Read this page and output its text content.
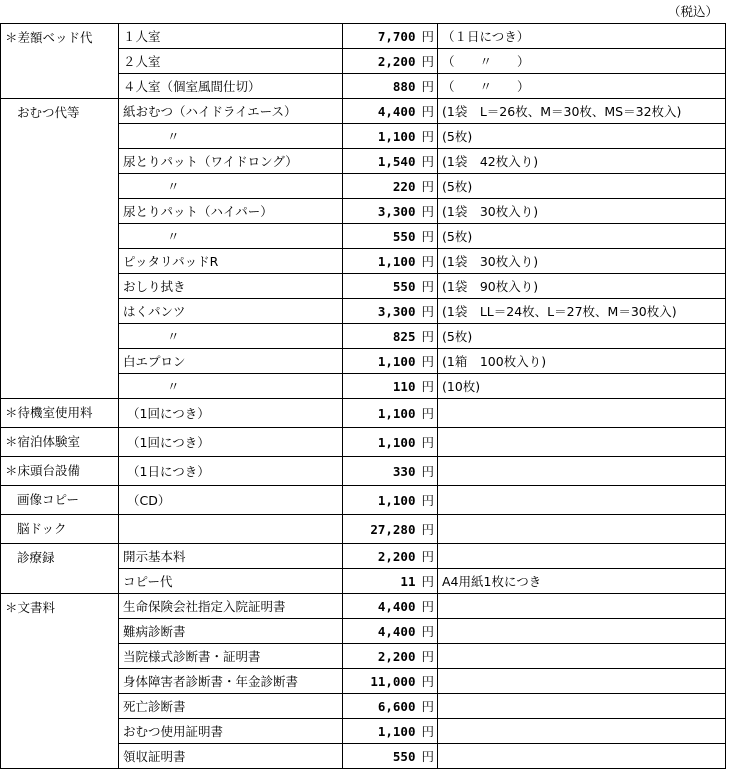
（税込）
＊差額ベッド代	１人室	7,700 円	（１日につき）
	２人室	2,200 円	（　　〃　　）
	４人室（個室風間仕切）	880 円	（　　〃　　）
おむつ代等	紙おむつ（ハイドライエース）	4,400 円	(1袋　L＝26枚、M＝30枚、MS＝32枚入)
	〃	1,100 円	(5枚)
	尿とりパット（ワイドロング）	1,540 円	(1袋　42枚入り)
	〃	220 円	(5枚)
	尿とりパット（ハイパー）	3,300 円	(1袋　30枚入り)
	〃	550 円	(5枚)
	ピッタリパッドR	1,100 円	(1袋　30枚入り)
	おしり拭き	550 円	(1袋　90枚入り)
	はくパンツ	3,300 円	(1袋　LL＝24枚、L＝27枚、M＝30枚入)
	〃	825 円	(5枚)
	白エプロン	1,100 円	(1箱　100枚入り)
	〃	110 円	(10枚)
＊待機室使用料	（1回につき）	1,100 円	
＊宿泊体験室	（1回につき）	1,100 円	
＊床頭台設備	（1日につき）	330 円	
画像コピー	（CD）	1,100 円	
脳ドック		27,280 円	
診療録	開示基本料	2,200 円	
	コピー代	11 円	A4用紙1枚につき
＊文書料	生命保険会社指定入院証明書	4,400 円	
	難病診断書	4,400 円	
	当院様式診断書・証明書	2,200 円	
	身体障害者診断書・年金診断書	11,000 円	
	死亡診断書	6,600 円	
	おむつ使用証明書	1,100 円	
	領収証明書	550 円	
